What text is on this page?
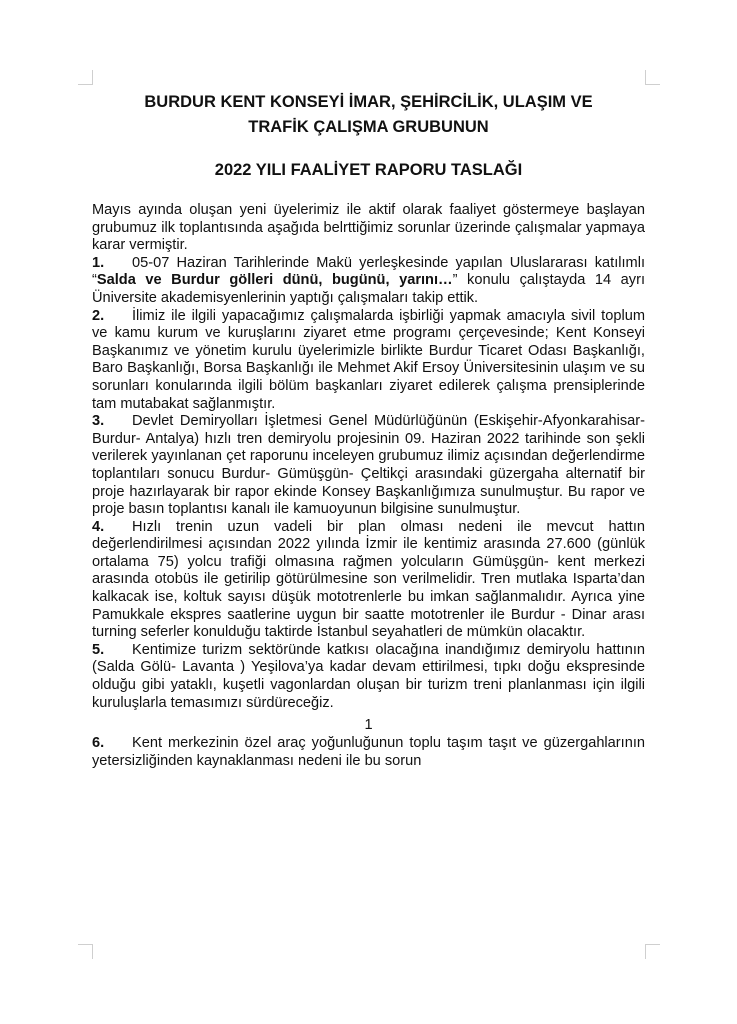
BURDUR KENT KONSEYİ İMAR, ŞEHİRCİLİK, ULAŞIM VE
TRAFİK ÇALIŞMA GRUBUNUN
2022 YILI FAALİYET RAPORU TASLAĞI

Mayıs ayında oluşan yeni üyelerimiz ile aktif olarak faaliyet göstermeye başlayan grubumuz ilk toplantısında aşağıda belrttiğimiz sorunlar üzerinde çalışmalar yapmaya karar vermiştir.

1. 05-07 Haziran Tarihlerinde Makü yerleşkesinde yapılan Uluslararası katılımlı “Salda ve Burdur gölleri dünü, bugünü, yarını…” konulu çalıştayda 14 ayrı Üniversite akademisyenlerinin yaptığı çalışmaları takip ettik.

2. İlimiz ile ilgili yapacağımız çalışmalarda işbirliği yapmak amacıyla sivil toplum ve kamu kurum ve kuruşlarını ziyaret etme programı çerçevesinde; Kent Konseyi Başkanımız ve yönetim kurulu üyelerimizle birlikte Burdur Ticaret Odası Başkanlığı, Baro Başkanlığı, Borsa Başkanlığı ile Mehmet Akif Ersoy Üniversitesinin ulaşım ve su sorunları konularında ilgili bölüm başkanları ziyaret edilerek çalışma prensiplerinde tam mutabakat sağlanmıştır.

3. Devlet Demiryolları İşletmesi Genel Müdürlüğünün (Eskişehir-Afyonkarahisar- Burdur- Antalya) hızlı tren demiryolu projesinin 09. Haziran 2022 tarihinde son şekli verilerek yayınlanan çet raporunu inceleyen grubumuz ilimiz açısından değerlendirme toplantıları sonucu Burdur- Gümüşgün- Çeltikçi arasındaki güzergaha alternatif bir proje hazırlayarak bir rapor ekinde Konsey Başkanlığımıza sunulmuştur. Bu rapor ve proje basın toplantısı kanalı ile kamuoyunun bilgisine sunulmuştur.

4. Hızlı trenin uzun vadeli bir plan olması nedeni ile mevcut hattın değerlendirilmesi açısından 2022 yılında İzmir ile kentimiz arasında 27.600 (günlük ortalama 75) yolcu trafiği olmasına rağmen yolcuların Gümüşgün- kent merkezi arasında otobüs ile getirilip götürülmesine son verilmelidir. Tren mutlaka Isparta’dan kalkacak ise, koltuk sayısı düşük mototrenlerle bu imkan sağlanmalıdır. Ayrıca yine Pamukkale ekspres saatlerine uygun bir saatte mototrenler ile Burdur - Dinar arası turning seferler konulduğu taktirde İstanbul seyahatleri de mümkün olacaktır.

5. Kentimize turizm sektöründe katkısı olacağına inandığımız demiryolu hattının (Salda Gölü- Lavanta ) Yeşilova’ya kadar devam ettirilmesi, tıpkı doğu ekspresinde olduğu gibi yataklı, kuşetli vagonlardan oluşan bir turizm treni planlanması için ilgili kuruluşlarla temasımızı sürdüreceğiz.

1

6. Kent merkezinin özel araç yoğunluğunun toplu taşım taşıt ve güzergahlarının yetersizliğinden kaynaklanması nedeni ile bu sorun
